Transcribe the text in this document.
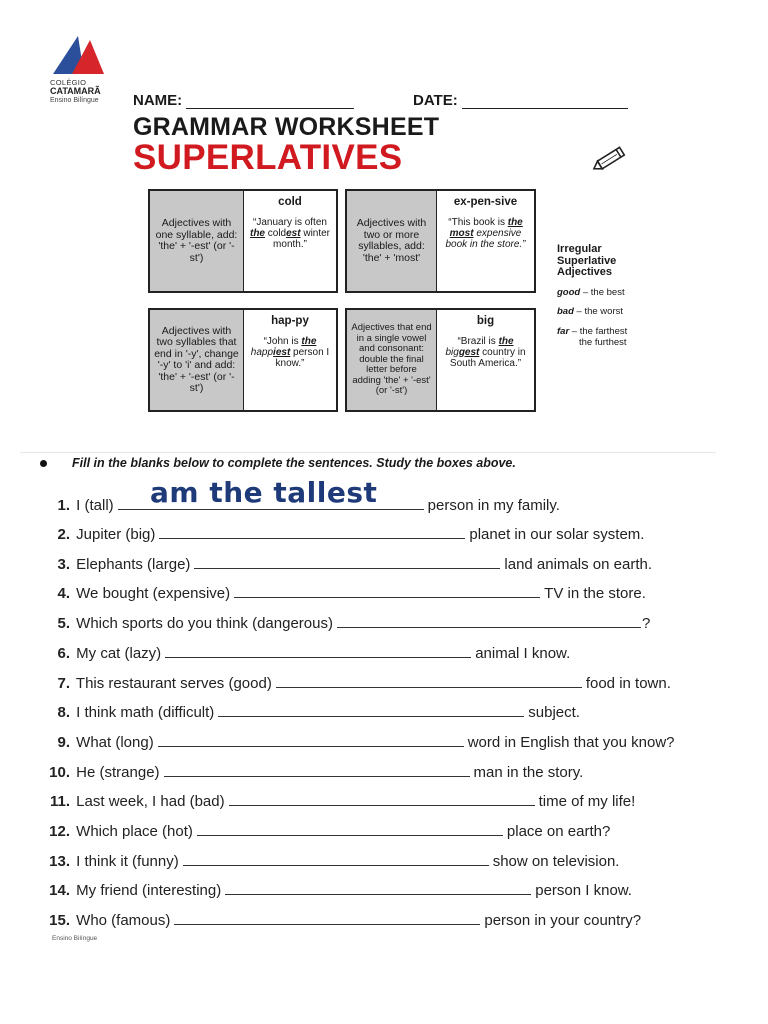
COLÉGIO
CATAMARÃ
Ensino Bilíngue	NAME:	DATE:
GRAMMAR WORKSHEET
SUPERLATIVES
Adjectives with one syllable, add: 'the' + '-est' (or '-st')
cold
“January is often the coldest winter month.”
Adjectives with two or more syllables, add: 'the' + 'most'
ex-pen-sive
“This book is the most expensive book in the store.”
Adjectives with two syllables that end in '-y', change '-y' to 'i' and add: 'the' + '-est' (or '-st')
hap-py
“John is the happiest person I know.”
Adjectives that end in a single vowel and consonant: double the final letter before adding 'the' + '-est' (or '-st')
big
“Brazil is the biggest country in South America.”
Irregular Superlative Adjectives
good – the best
bad – the worst
far – the farthest
the furthest
Fill in the blanks below to complete the sentences. Study the boxes above.
1. I (tall)	person in my family.
2. Jupiter (big)	planet in our solar system.
3. Elephants (large)	land animals on earth.
4. We bought (expensive)	TV in the store.
5. Which sports do you think (dangerous)	?
6. My cat (lazy)	animal I know.
7. This restaurant serves (good)	food in town.
8. I think math (difficult)	subject.
9. What (long)	word in English that you know?
10. He (strange)	man in the story.
11. Last week, I had (bad)	time of my life!
12. Which place (hot)	place on earth?
13. I think it (funny)	show on television.
14. My friend (interesting)	person I know.
15. Who (famous)	person in your country?
am the tallest
Ensino Bilíngue
